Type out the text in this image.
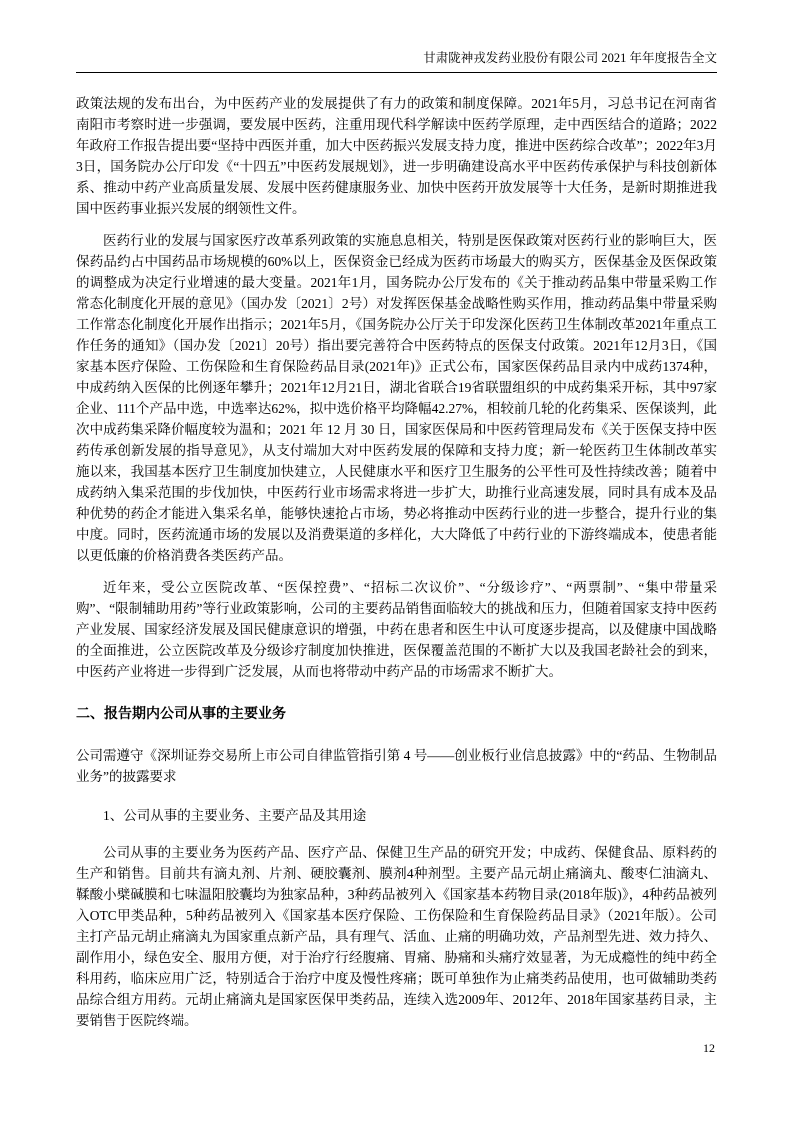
甘肃陇神戎发药业股份有限公司 2021 年年度报告全文

政策法规的发布出台，为中医药产业的发展提供了有力的政策和制度保障。2021年5月，习总书记在河南省南阳市考察时进一步强调，要发展中医药，注重用现代科学解读中医药学原理，走中西医结合的道路；2022年政府工作报告提出要“坚持中西医并重，加大中医药振兴发展支持力度，推进中医药综合改革”；2022年3月3日，国务院办公厅印发《“十四五”中医药发展规划》，进一步明确建设高水平中医药传承保护与科技创新体系、推动中药产业高质量发展、发展中医药健康服务业、加快中医药开放发展等十大任务，是新时期推进我国中医药事业振兴发展的纲领性文件。

医药行业的发展与国家医疗改革系列政策的实施息息相关，特别是医保政策对医药行业的影响巨大，医保药品约占中国药品市场规模的60%以上，医保资金已经成为医药市场最大的购买方，医保基金及医保政策的调整成为决定行业增速的最大变量。2021年1月，国务院办公厅发布的《关于推动药品集中带量采购工作常态化制度化开展的意见》（国办发〔2021〕2号）对发挥医保基金战略性购买作用，推动药品集中带量采购工作常态化制度化开展作出指示；2021年5月，《国务院办公厅关于印发深化医药卫生体制改革2021年重点工作任务的通知》（国办发〔2021〕20号）指出要完善符合中医药特点的医保支付政策。2021年12月3日，《国家基本医疗保险、工伤保险和生育保险药品目录(2021年)》正式公布，国家医保药品目录内中成药1374种，中成药纳入医保的比例逐年攀升；2021年12月21日，湖北省联合19省联盟组织的中成药集采开标，其中97家企业、111个产品中选，中选率达62%，拟中选价格平均降幅42.27%，相较前几轮的化药集采、医保谈判，此次中成药集采降价幅度较为温和；2021 年 12 月 30 日，国家医保局和中医药管理局发布《关于医保支持中医药传承创新发展的指导意见》，从支付端加大对中医药发展的保障和支持力度；新一轮医药卫生体制改革实施以来，我国基本医疗卫生制度加快建立，人民健康水平和医疗卫生服务的公平性可及性持续改善；随着中成药纳入集采范围的步伐加快，中医药行业市场需求将进一步扩大，助推行业高速发展，同时具有成本及品种优势的药企才能进入集采名单，能够快速抢占市场，势必将推动中医药行业的进一步整合，提升行业的集中度。同时，医药流通市场的发展以及消费渠道的多样化，大大降低了中药行业的下游终端成本，使患者能以更低廉的价格消费各类医药产品。

近年来，受公立医院改革、“医保控费”、“招标二次议价”、“分级诊疗”、“两票制”、“集中带量采购”、“限制辅助用药”等行业政策影响，公司的主要药品销售面临较大的挑战和压力，但随着国家支持中医药产业发展、国家经济发展及国民健康意识的增强，中药在患者和医生中认可度逐步提高，以及健康中国战略的全面推进，公立医院改革及分级诊疗制度加快推进，医保覆盖范围的不断扩大以及我国老龄社会的到来，中医药产业将进一步得到广泛发展，从而也将带动中药产品的市场需求不断扩大。

二、报告期内公司从事的主要业务

公司需遵守《深圳证券交易所上市公司自律监管指引第 4 号——创业板行业信息披露》中的“药品、生物制品业务”的披露要求

1、公司从事的主要业务、主要产品及其用途

公司从事的主要业务为医药产品、医疗产品、保健卫生产品的研究开发；中成药、保健食品、原料药的生产和销售。目前共有滴丸剂、片剂、硬胶囊剂、膜剂4种剂型。主要产品元胡止痛滴丸、酸枣仁油滴丸、鞣酸小檗碱膜和七味温阳胶囊均为独家品种，3种药品被列入《国家基本药物目录(2018年版)》，4种药品被列入OTC甲类品种，5种药品被列入《国家基本医疗保险、工伤保险和生育保险药品目录》（2021年版）。公司主打产品元胡止痛滴丸为国家重点新产品，具有理气、活血、止痛的明确功效，产品剂型先进、效力持久、副作用小，绿色安全、服用方便，对于治疗行经腹痛、胃痛、胁痛和头痛疗效显著，为无成瘾性的纯中药全科用药，临床应用广泛，特别适合于治疗中度及慢性疼痛；既可单独作为止痛类药品使用，也可做辅助类药品综合组方用药。元胡止痛滴丸是国家医保甲类药品，连续入选2009年、2012年、2018年国家基药目录，主要销售于医院终端。

12
